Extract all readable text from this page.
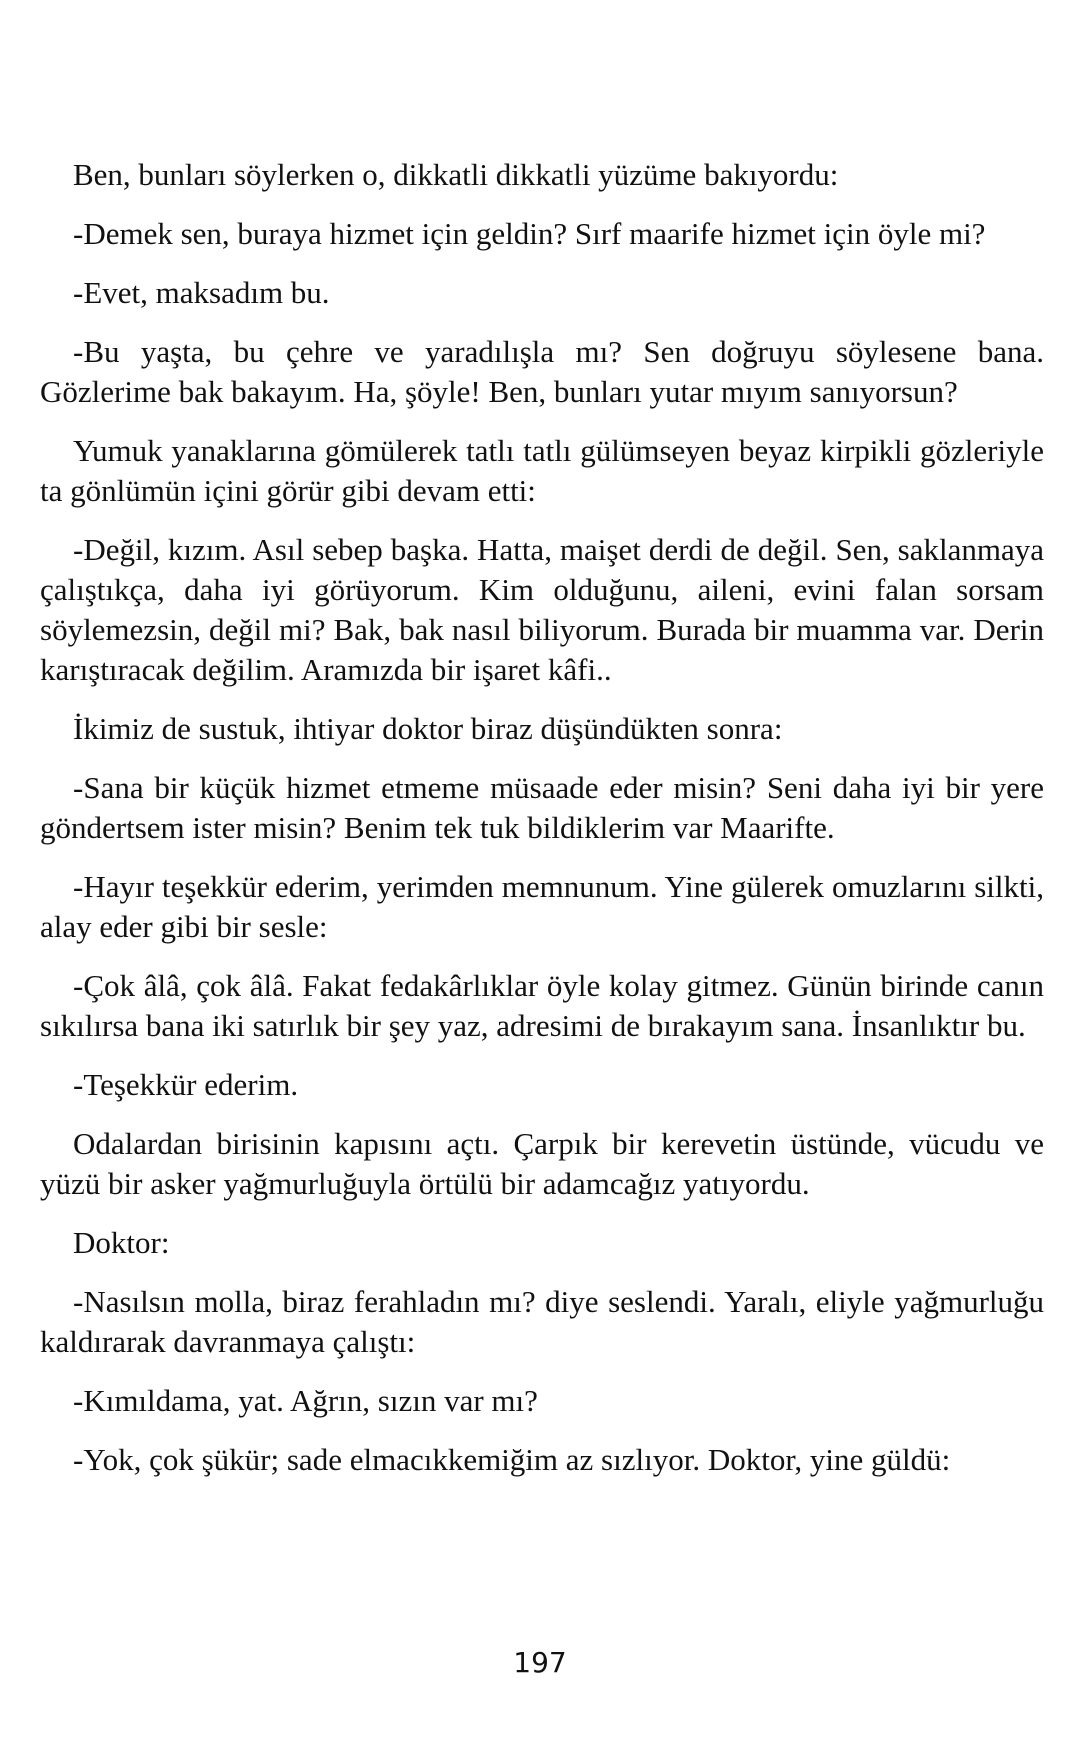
Ben, bunları söylerken o, dikkatli dikkatli yüzüme bakıyordu:

-Demek sen, buraya hizmet için geldin? Sırf maarife hizmet için öyle mi?

-Evet, maksadım bu.

-Bu yaşta, bu çehre ve yaradılışla mı? Sen doğruyu söylesene bana. Gözlerime bak bakayım. Ha, şöyle! Ben, bunları yutar mıyım sanıyorsun?

Yumuk yanaklarına gömülerek tatlı tatlı gülümseyen beyaz kirpikli gözleriyle ta gönlümün içini görür gibi devam etti:

-Değil, kızım. Asıl sebep başka. Hatta, maişet derdi de değil. Sen, saklanmaya çalıştıkça, daha iyi görüyorum. Kim olduğunu, aileni, evini falan sorsam söylemezsin, değil mi? Bak, bak nasıl biliyorum. Burada bir muamma var. Derin karıştıracak değilim. Aramızda bir işaret kâfi..

İkimiz de sustuk, ihtiyar doktor biraz düşündükten sonra:

-Sana bir küçük hizmet etmeme müsaade eder misin? Seni daha iyi bir yere göndertsem ister misin? Benim tek tuk bildiklerim var Maarifte.

-Hayır teşekkür ederim, yerimden memnunum. Yine gülerek omuzlarını silkti, alay eder gibi bir sesle:

-Çok âlâ, çok âlâ. Fakat fedakârlıklar öyle kolay gitmez. Günün birinde canın sıkılırsa bana iki satırlık bir şey yaz, adresimi de bırakayım sana. İnsanlıktır bu.

-Teşekkür ederim.

Odalardan birisinin kapısını açtı. Çarpık bir kerevetin üstünde, vücudu ve yüzü bir asker yağmurluğuyla örtülü bir adamcağız yatıyordu.

Doktor:

-Nasılsın molla, biraz ferahladın mı? diye seslendi. Yaralı, eliyle yağmurluğu kaldırarak davranmaya çalıştı:

-Kımıldama, yat. Ağrın, sızın var mı?

-Yok, çok şükür; sade elmacıkkemiğim az sızlıyor. Doktor, yine güldü:

197
